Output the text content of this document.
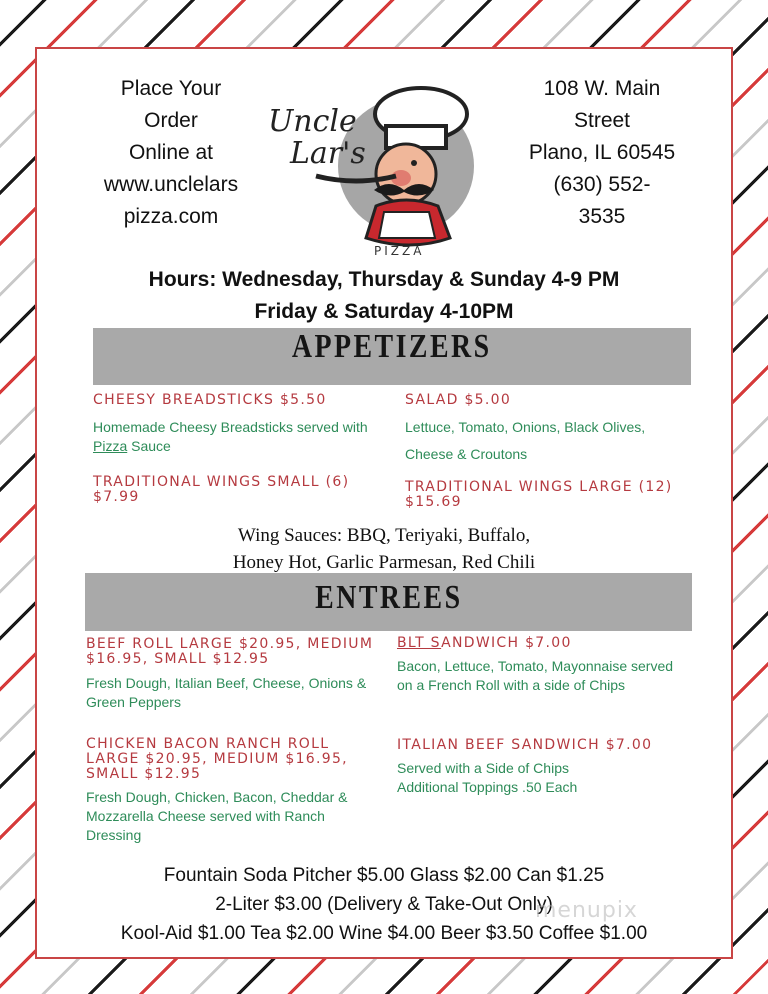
Place Your
Order
Online at
www.unclelars
pizza.com
Uncle
Lar's
PIZZA
108 W. Main
Street
Plano, IL 60545
(630) 552-
3535
Hours: Wednesday, Thursday & Sunday 4-9 PM
Friday & Saturday 4-10PM
APPETIZERS
CHEESY BREADSTICKS $5.50
Homemade Cheesy Breadsticks served with Pizza Sauce
SALAD $5.00
Lettuce, Tomato, Onions, Black Olives,
Cheese & Croutons
TRADITIONAL WINGS SMALL (6) $7.99
TRADITIONAL WINGS LARGE (12) $15.69
Wing Sauces: BBQ, Teriyaki, Buffalo,
Honey Hot, Garlic Parmesan, Red Chili
ENTREES
BEEF ROLL LARGE $20.95, MEDIUM $16.95, SMALL $12.95
Fresh Dough, Italian Beef, Cheese, Onions & Green Peppers
BLT SANDWICH $7.00
Bacon, Lettuce, Tomato, Mayonnaise served on a French Roll with a side of Chips
CHICKEN BACON RANCH ROLL LARGE $20.95, MEDIUM $16.95, SMALL $12.95
Fresh Dough, Chicken, Bacon, Cheddar & Mozzarella Cheese served with Ranch Dressing
ITALIAN BEEF SANDWICH $7.00
Served with a Side of Chips
Additional Toppings .50 Each
Fountain Soda Pitcher $5.00 Glass $2.00 Can $1.25
2-Liter $3.00 (Delivery & Take-Out Only)
Kool-Aid $1.00 Tea $2.00 Wine $4.00 Beer $3.50 Coffee $1.00
menupix
